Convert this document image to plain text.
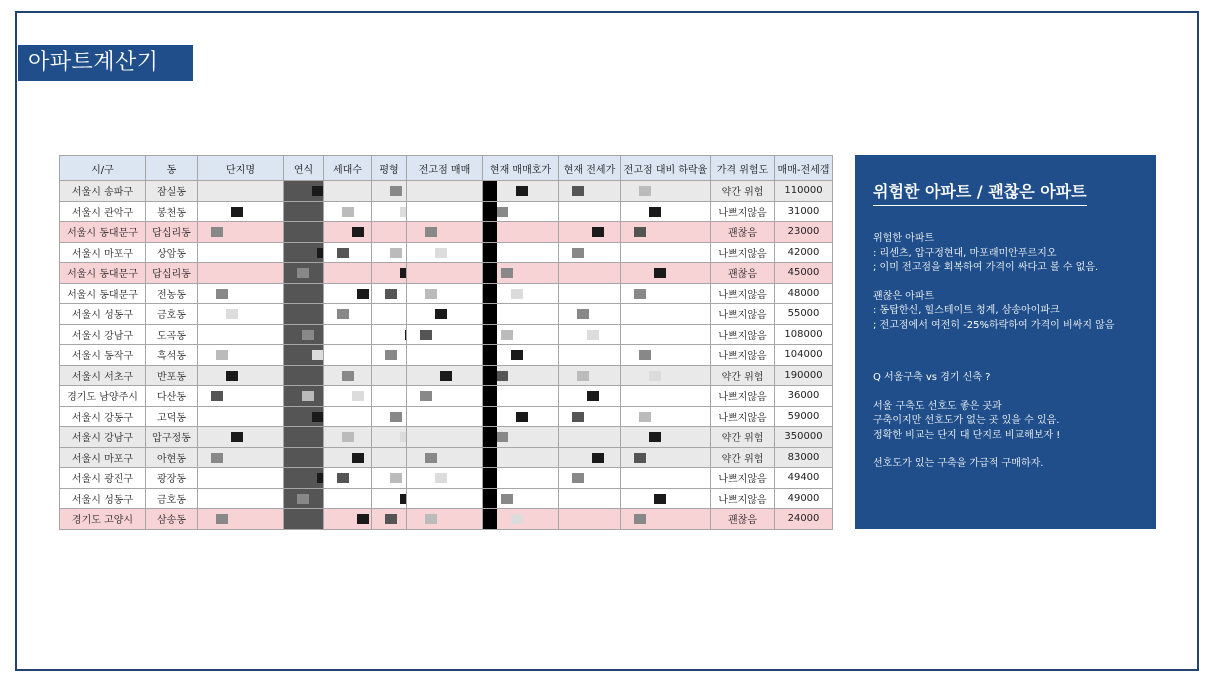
아파트계산기
시/구	동	단지명	연식	세대수	평형	전고점 매매	현재 매매호가	현재 전세가	전고점 대비 하락율	가격 위험도	매매-전세갭
서울시 송파구	잠실동									약간 위험	110000
서울시 관악구	봉천동									나쁘지않음	31000
서울시 동대문구	답십리동									괜찮음	23000
서울시 마포구	상암동									나쁘지않음	42000
서울시 동대문구	답십리동									괜찮음	45000
서울시 동대문구	전농동									나쁘지않음	48000
서울시 성동구	금호동									나쁘지않음	55000
서울시 강남구	도곡동									나쁘지않음	108000
서울시 동작구	흑석동									나쁘지않음	104000
서울시 서초구	반포동									약간 위험	190000
경기도 남양주시	다산동									나쁘지않음	36000
서울시 강동구	고덕동									나쁘지않음	59000
서울시 강남구	압구정동									약간 위험	350000
서울시 마포구	아현동									약간 위험	83000
서울시 광진구	광장동									나쁘지않음	49400
서울시 성동구	금호동									나쁘지않음	49000
경기도 고양시	삼송동									괜찮음	24000
위험한 아파트 / 괜찮은 아파트
위험한 아파트
: 리센츠, 압구정현대, 마포래미안푸르지오
; 이미 전고점을 회복하여 가격이 싸다고 볼 수 없음.
괜찮은 아파트
: 동탑한신, 힐스테이트 청계, 삼송아이파크
; 전고점에서 여전히 -25%하락하여 가격이 비싸지 않음
Q 서울구축 vs 경기 신축 ?
서울 구축도 선호도 좋은 곳과
구축이지만 선호도가 없는 곳 있을 수 있음.
정확한 비교는 단지 대 단지로 비교해보자 !
선호도가 있는 구축을 가급적 구매하자.
